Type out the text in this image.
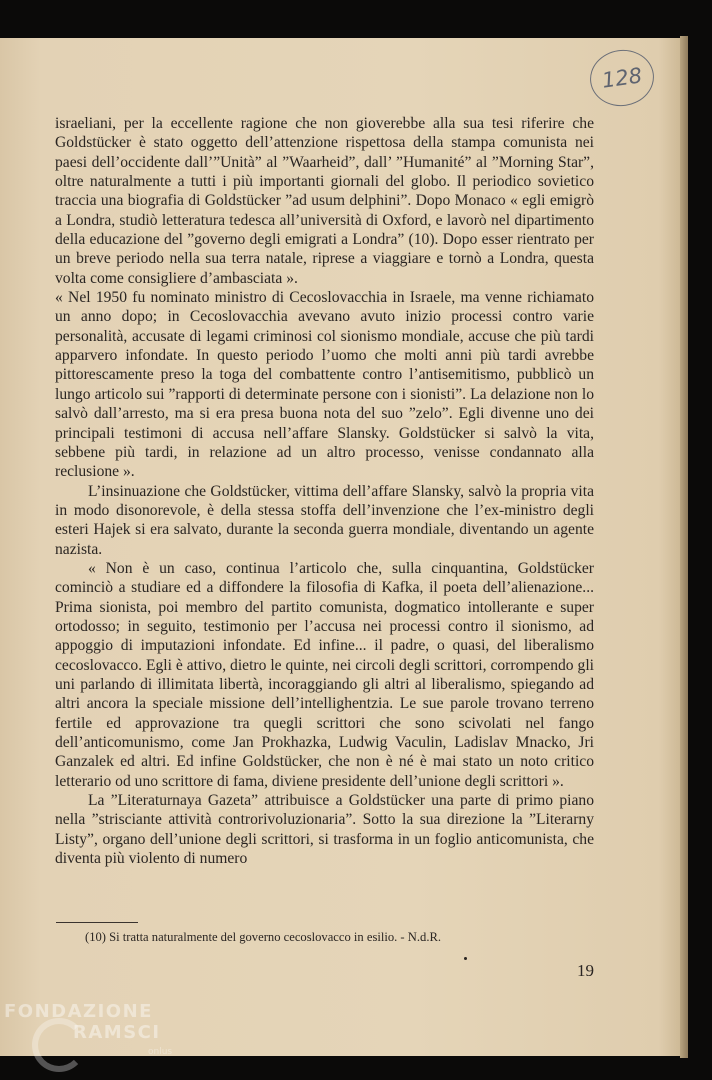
128

israeliani, per la eccellente ragione che non gioverebbe alla sua tesi riferire che Goldstücker è stato oggetto dell’attenzione rispettosa della stampa comunista nei paesi dell’occidente dall’”Unità” al ”Waarheid”, dall’ ”Humanité” al ”Morning Star”, oltre naturalmente a tutti i più importanti giornali del globo. Il periodico sovietico traccia una biografia di Goldstücker ”ad usum delphini”. Dopo Monaco « egli emigrò a Londra, studiò letteratura tedesca all’università di Oxford, e lavorò nel dipartimento della educazione del ”governo degli emigrati a Londra” (10). Dopo esser rientrato per un breve periodo nella sua terra natale, riprese a viaggiare e tornò a Londra, questa volta come consigliere d’ambasciata ».

« Nel 1950 fu nominato ministro di Cecoslovacchia in Israele, ma venne richiamato un anno dopo; in Cecoslovacchia avevano avuto inizio processi contro varie personalità, accusate di legami criminosi col sionismo mondiale, accuse che più tardi apparvero infondate. In questo periodo l’uomo che molti anni più tardi avrebbe pittorescamente preso la toga del combattente contro l’antisemitismo, pubblicò un lungo articolo sui ”rapporti di determinate persone con i sionisti”. La delazione non lo salvò dall’arresto, ma si era presa buona nota del suo ”zelo”. Egli divenne uno dei principali testimoni di accusa nell’affare Slansky. Goldstücker si salvò la vita, sebbene più tardi, in relazione ad un altro processo, venisse condannato alla reclusione ».

L’insinuazione che Goldstücker, vittima dell’affare Slansky, salvò la propria vita in modo disonorevole, è della stessa stoffa dell’invenzione che l’ex-ministro degli esteri Hajek si era salvato, durante la seconda guerra mondiale, diventando un agente nazista.

« Non è un caso, continua l’articolo che, sulla cinquantina, Goldstücker cominciò a studiare ed a diffondere la filosofia di Kafka, il poeta dell’alienazione... Prima sionista, poi membro del partito comunista, dogmatico intollerante e super ortodosso; in seguito, testimonio per l’accusa nei processi contro il sionismo, ad appoggio di imputazioni infondate. Ed infine... il padre, o quasi, del liberalismo cecoslovacco. Egli è attivo, dietro le quinte, nei circoli degli scrittori, corrompendo gli uni parlando di illimitata libertà, incoraggiando gli altri al liberalismo, spiegando ad altri ancora la speciale missione dell’intellighentzia. Le sue parole trovano terreno fertile ed approvazione tra quegli scrittori che sono scivolati nel fango dell’anticomunismo, come Jan Prokhazka, Ludwig Vaculin, Ladislav Mnacko, Jri Ganzalek ed altri. Ed infine Goldstücker, che non è né è mai stato un noto critico letterario od uno scrittore di fama, diviene presidente dell’unione degli scrittori ».

La ”Literaturnaya Gazeta” attribuisce a Goldstücker una parte di primo piano nella ”strisciante attività controrivoluzionaria”. Sotto la sua direzione la ”Literarny Listy”, organo dell’unione degli scrittori, si trasforma in un foglio anticomunista, che diventa più violento di numero

(10) Si tratta naturalmente del governo cecoslovacco in esilio. - N.d.R.
19
FONDAZIONE
RAMSCI
onlus
